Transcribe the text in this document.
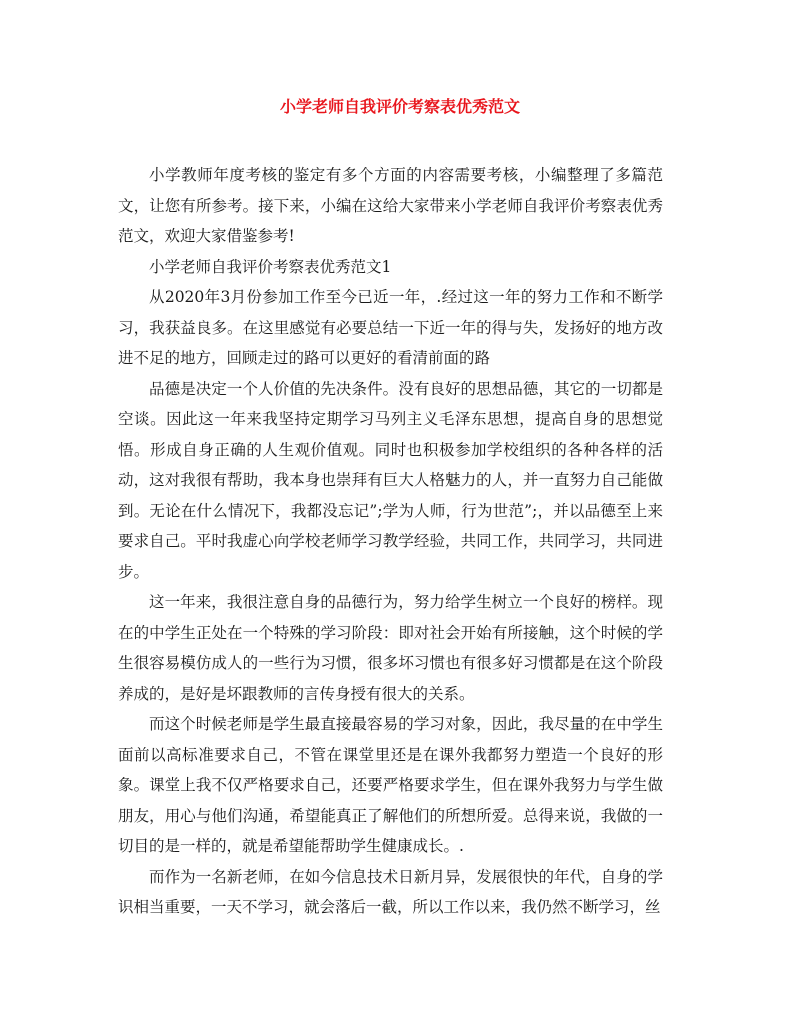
小学老师自我评价考察表优秀范文

小学教师年度考核的鉴定有多个方面的内容需要考核，小编整理了多篇范文，让您有所参考。接下来，小编在这给大家带来小学老师自我评价考察表优秀范文，欢迎大家借鉴参考!

小学老师自我评价考察表优秀范文1

从2020年3月份参加工作至今已近一年，.经过这一年的努力工作和不断学习，我获益良多。在这里感觉有必要总结一下近一年的得与失，发扬好的地方改进不足的地方，回顾走过的路可以更好的看清前面的路

品德是决定一个人价值的先决条件。没有良好的思想品德，其它的一切都是空谈。因此这一年来我坚持定期学习马列主义毛泽东思想，提高自身的思想觉悟。形成自身正确的人生观价值观。同时也积极参加学校组织的各种各样的活动，这对我很有帮助，我本身也崇拜有巨大人格魅力的人，并一直努力自己能做到。无论在什么情况下，我都没忘记”;学为人师，行为世范”;，并以品德至上来要求自己。平时我虚心向学校老师学习教学经验，共同工作，共同学习，共同进步。

这一年来，我很注意自身的品德行为，努力给学生树立一个良好的榜样。现在的中学生正处在一个特殊的学习阶段：即对社会开始有所接触，这个时候的学生很容易模仿成人的一些行为习惯，很多坏习惯也有很多好习惯都是在这个阶段养成的，是好是坏跟教师的言传身授有很大的关系。

而这个时候老师是学生最直接最容易的学习对象，因此，我尽量的在中学生面前以高标准要求自己，不管在课堂里还是在课外我都努力塑造一个良好的形象。课堂上我不仅严格要求自己，还要严格要求学生，但在课外我努力与学生做朋友，用心与他们沟通，希望能真正了解他们的所想所爱。总得来说，我做的一切目的是一样的，就是希望能帮助学生健康成长。.

而作为一名新老师，在如今信息技术日新月异，发展很快的年代，自身的学识相当重要，一天不学习，就会落后一截，所以工作以来，我仍然不断学习，丝
